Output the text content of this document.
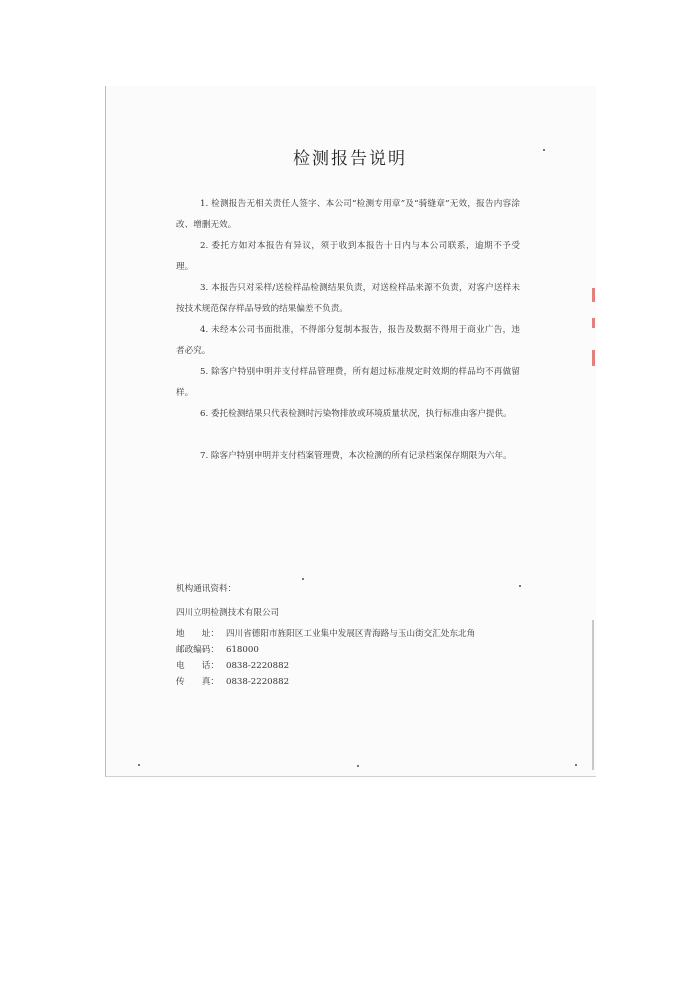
检测报告说明
1. 检测报告无相关责任人签字、本公司“检测专用章”及“骑缝章”无效，报告内容涂改、增删无效。
2. 委托方如对本报告有异议，须于收到本报告十日内与本公司联系，逾期不予受理。
3. 本报告只对采样/送检样品检测结果负责，对送检样品来源不负责，对客户送样未按技术规范保存样品导致的结果偏差不负责。
4. 未经本公司书面批准，不得部分复制本报告，报告及数据不得用于商业广告，违者必究。
5. 除客户特别申明并支付样品管理费，所有超过标准规定时效期的样品均不再做留样。
6. 委托检测结果只代表检测时污染物排放或环境质量状况，执行标准由客户提供。
7. 除客户特别申明并支付档案管理费，本次检测的所有记录档案保存期限为六年。
机构通讯资料：
四川立明检测技术有限公司
地　　址： 四川省德阳市旌阳区工业集中发展区青海路与玉山街交汇处东北角
邮政编码： 618000
电　　话： 0838-2220882
传　　真： 0838-2220882
